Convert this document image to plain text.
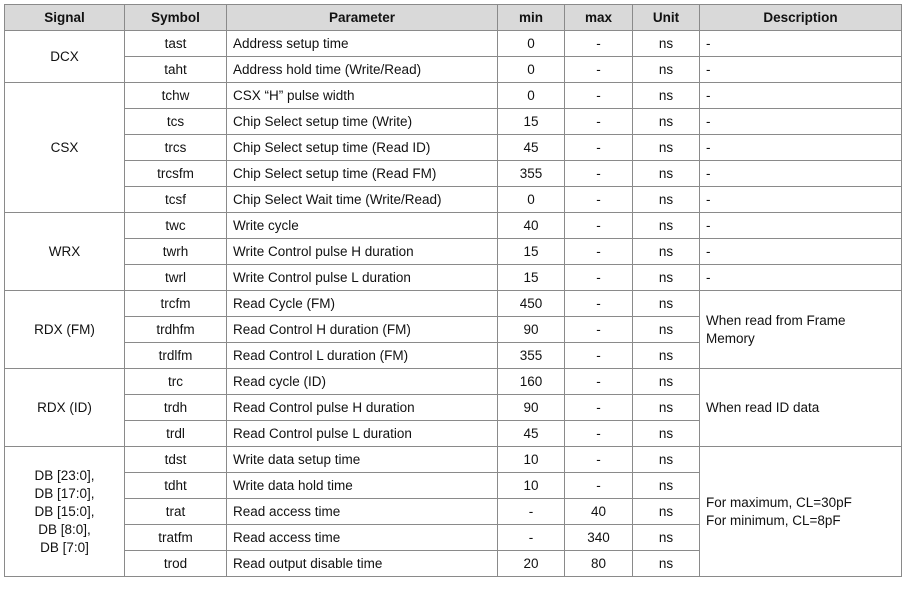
Signal	Symbol	Parameter	min	max	Unit	Description
DCX	tast	Address setup time	0	-	ns	-
	taht	Address hold time (Write/Read)	0	-	ns	-
CSX	tchw	CSX “H” pulse width	0	-	ns	-
	tcs	Chip Select setup time (Write)	15	-	ns	-
	trcs	Chip Select setup time (Read ID)	45	-	ns	-
	trcsfm	Chip Select setup time (Read FM)	355	-	ns	-
	tcsf	Chip Select Wait time (Write/Read)	0	-	ns	-
WRX	twc	Write cycle	40	-	ns	-
	twrh	Write Control pulse H duration	15	-	ns	-
	twrl	Write Control pulse L duration	15	-	ns	-
RDX (FM)	trcfm	Read Cycle (FM)	450	-	ns	When read from Frame
Memory
	trdhfm	Read Control H duration (FM)	90	-	ns	
	trdlfm	Read Control L duration (FM)	355	-	ns	
RDX (ID)	trc	Read cycle (ID)	160	-	ns	When read ID data
	trdh	Read Control pulse H duration	90	-	ns	
	trdl	Read Control pulse L duration	45	-	ns	
DB [23:0],
DB [17:0],
DB [15:0],
DB [8:0],
DB [7:0]	tdst	Write data setup time	10	-	ns	For maximum, CL=30pF
For minimum, CL=8pF
	tdht	Write data hold time	10	-	ns	
	trat	Read access time	-	40	ns	
	tratfm	Read access time	-	340	ns	
	trod	Read output disable time	20	80	ns	
